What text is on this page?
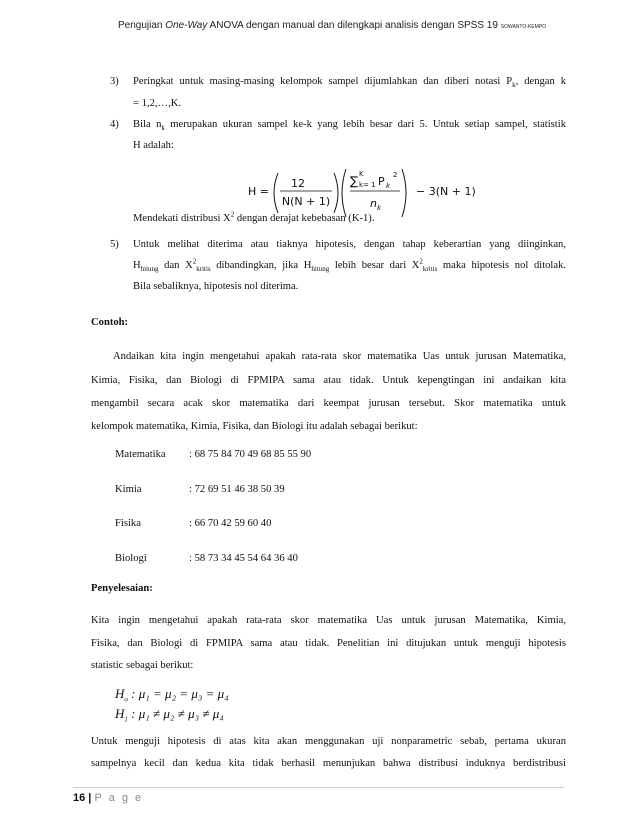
Pengujian One-Way ANOVA dengan manual dan dilengkapi analisis dengan SPSS 19 SOWANTO-KEMPO
3) Peringkat untuk masing-masing kelompok sampel dijumlahkan dan diberi notasi $P_k$, dengan k
= 1,2,…,K.
4) Bila $n_k$ merupakan ukuran sampel ke-k yang lebih besar dari 5. Untuk setiap sampel, statistik
H adalah:
H =
12
N(N + 1)
∑ K
k= 1 P k
2
n k
− 3(N + 1)
Mendekati distribusi $X^2$ dengan derajat kebebasan (K-1).
5) Untuk melihat diterima atau tiaknya hipotesis, dengan tahap keberartian yang diinginkan,
$H_{hitung}$ dan $X^2_{kritis}$ dibandingkan, jika $H_{hitung}$ lebih besar dari $X^2_{kritis}$ maka hipotesis nol ditolak.
Bila sebaliknya, hipotesis nol diterima.
Contoh:
Andaikan kita ingin mengetahui apakah rata-rata skor matematika Uas untuk jurusan Matematika,
Kimia, Fisika, dan Biologi di FPMIPA sama atau tidak. Untuk kepengtingan ini andaikan kita
mengambil secara acak skor matematika dari keempat jurusan tersebut. Skor matematika untuk
kelompok matematika, Kimia, Fisika, dan Biologi itu adalah sebagai berikut:
Matematika : 68 75 84 70 49 68 85 55 90
Kimia	: 72 69 51 46 38 50 39
Fisika	: 66 70 42 59 60 40
Biologi	: 58 73 34 45 54 64 36 40
Penyelesaian:
Kita ingin mengetahui apakah rata-rata skor matematika Uas untuk jurusan Matematika, Kimia,
Fisika, dan Biologi di FPMIPA sama atau tidak. Penelitian ini ditujukan untuk menguji hipotesis
statistic sebagai berikut:
$H_o$ : μ₁ = μ₂ = μ₃ = μ₄
$H_1$ : μ₁ ≠ μ₂ ≠ μ₃ ≠ μ₄
Untuk menguji hipotesis di atas kita akan menggunakan uji nonparametric sebab, pertama ukuran
sampelnya kecil dan kedua kita tidak berhasil menunjukan bahwa distribusi induknya berdistribusi
16 | P a g e
